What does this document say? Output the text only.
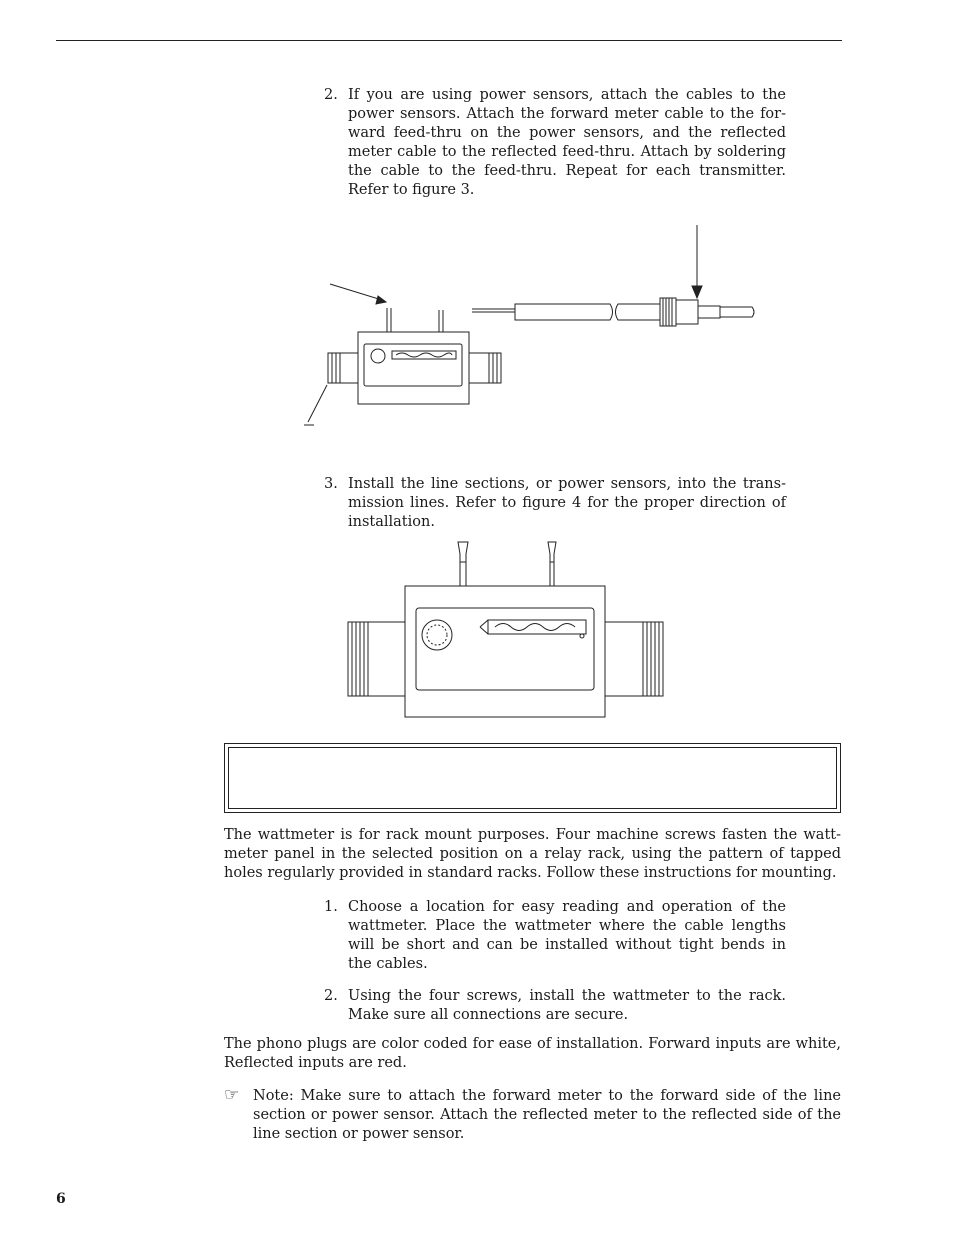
2. If you are using power sensors, attach the cables to the power sensors. Attach the forward meter cable to the for-ward feed-thru on the power sensors, and the reflected meter cable to the reflected feed-thru. Attach by soldering the cable to the feed-thru. Repeat for each transmitter. Refer to figure 3.
3. Install the line sections, or power sensors, into the trans-mission lines. Refer to figure 4 for the proper direction of installation.

The wattmeter is for rack mount purposes. Four machine screws fasten the watt-meter panel in the selected position on a relay rack, using the pattern of tapped holes regularly provided in standard racks. Follow these instructions for mounting.

1. Choose a location for easy reading and operation of the wattmeter. Place the wattmeter where the cable lengths will be short and can be installed without tight bends in the cables.
2. Using the four screws, install the wattmeter to the rack. Make sure all connections are secure.

The phono plugs are color coded for ease of installation. Forward inputs are white, Reflected inputs are red.

☞ Note: Make sure to attach the forward meter to the forward side of the line section or power sensor. Attach the reflected meter to the reflected side of the line section or power sensor.
6
